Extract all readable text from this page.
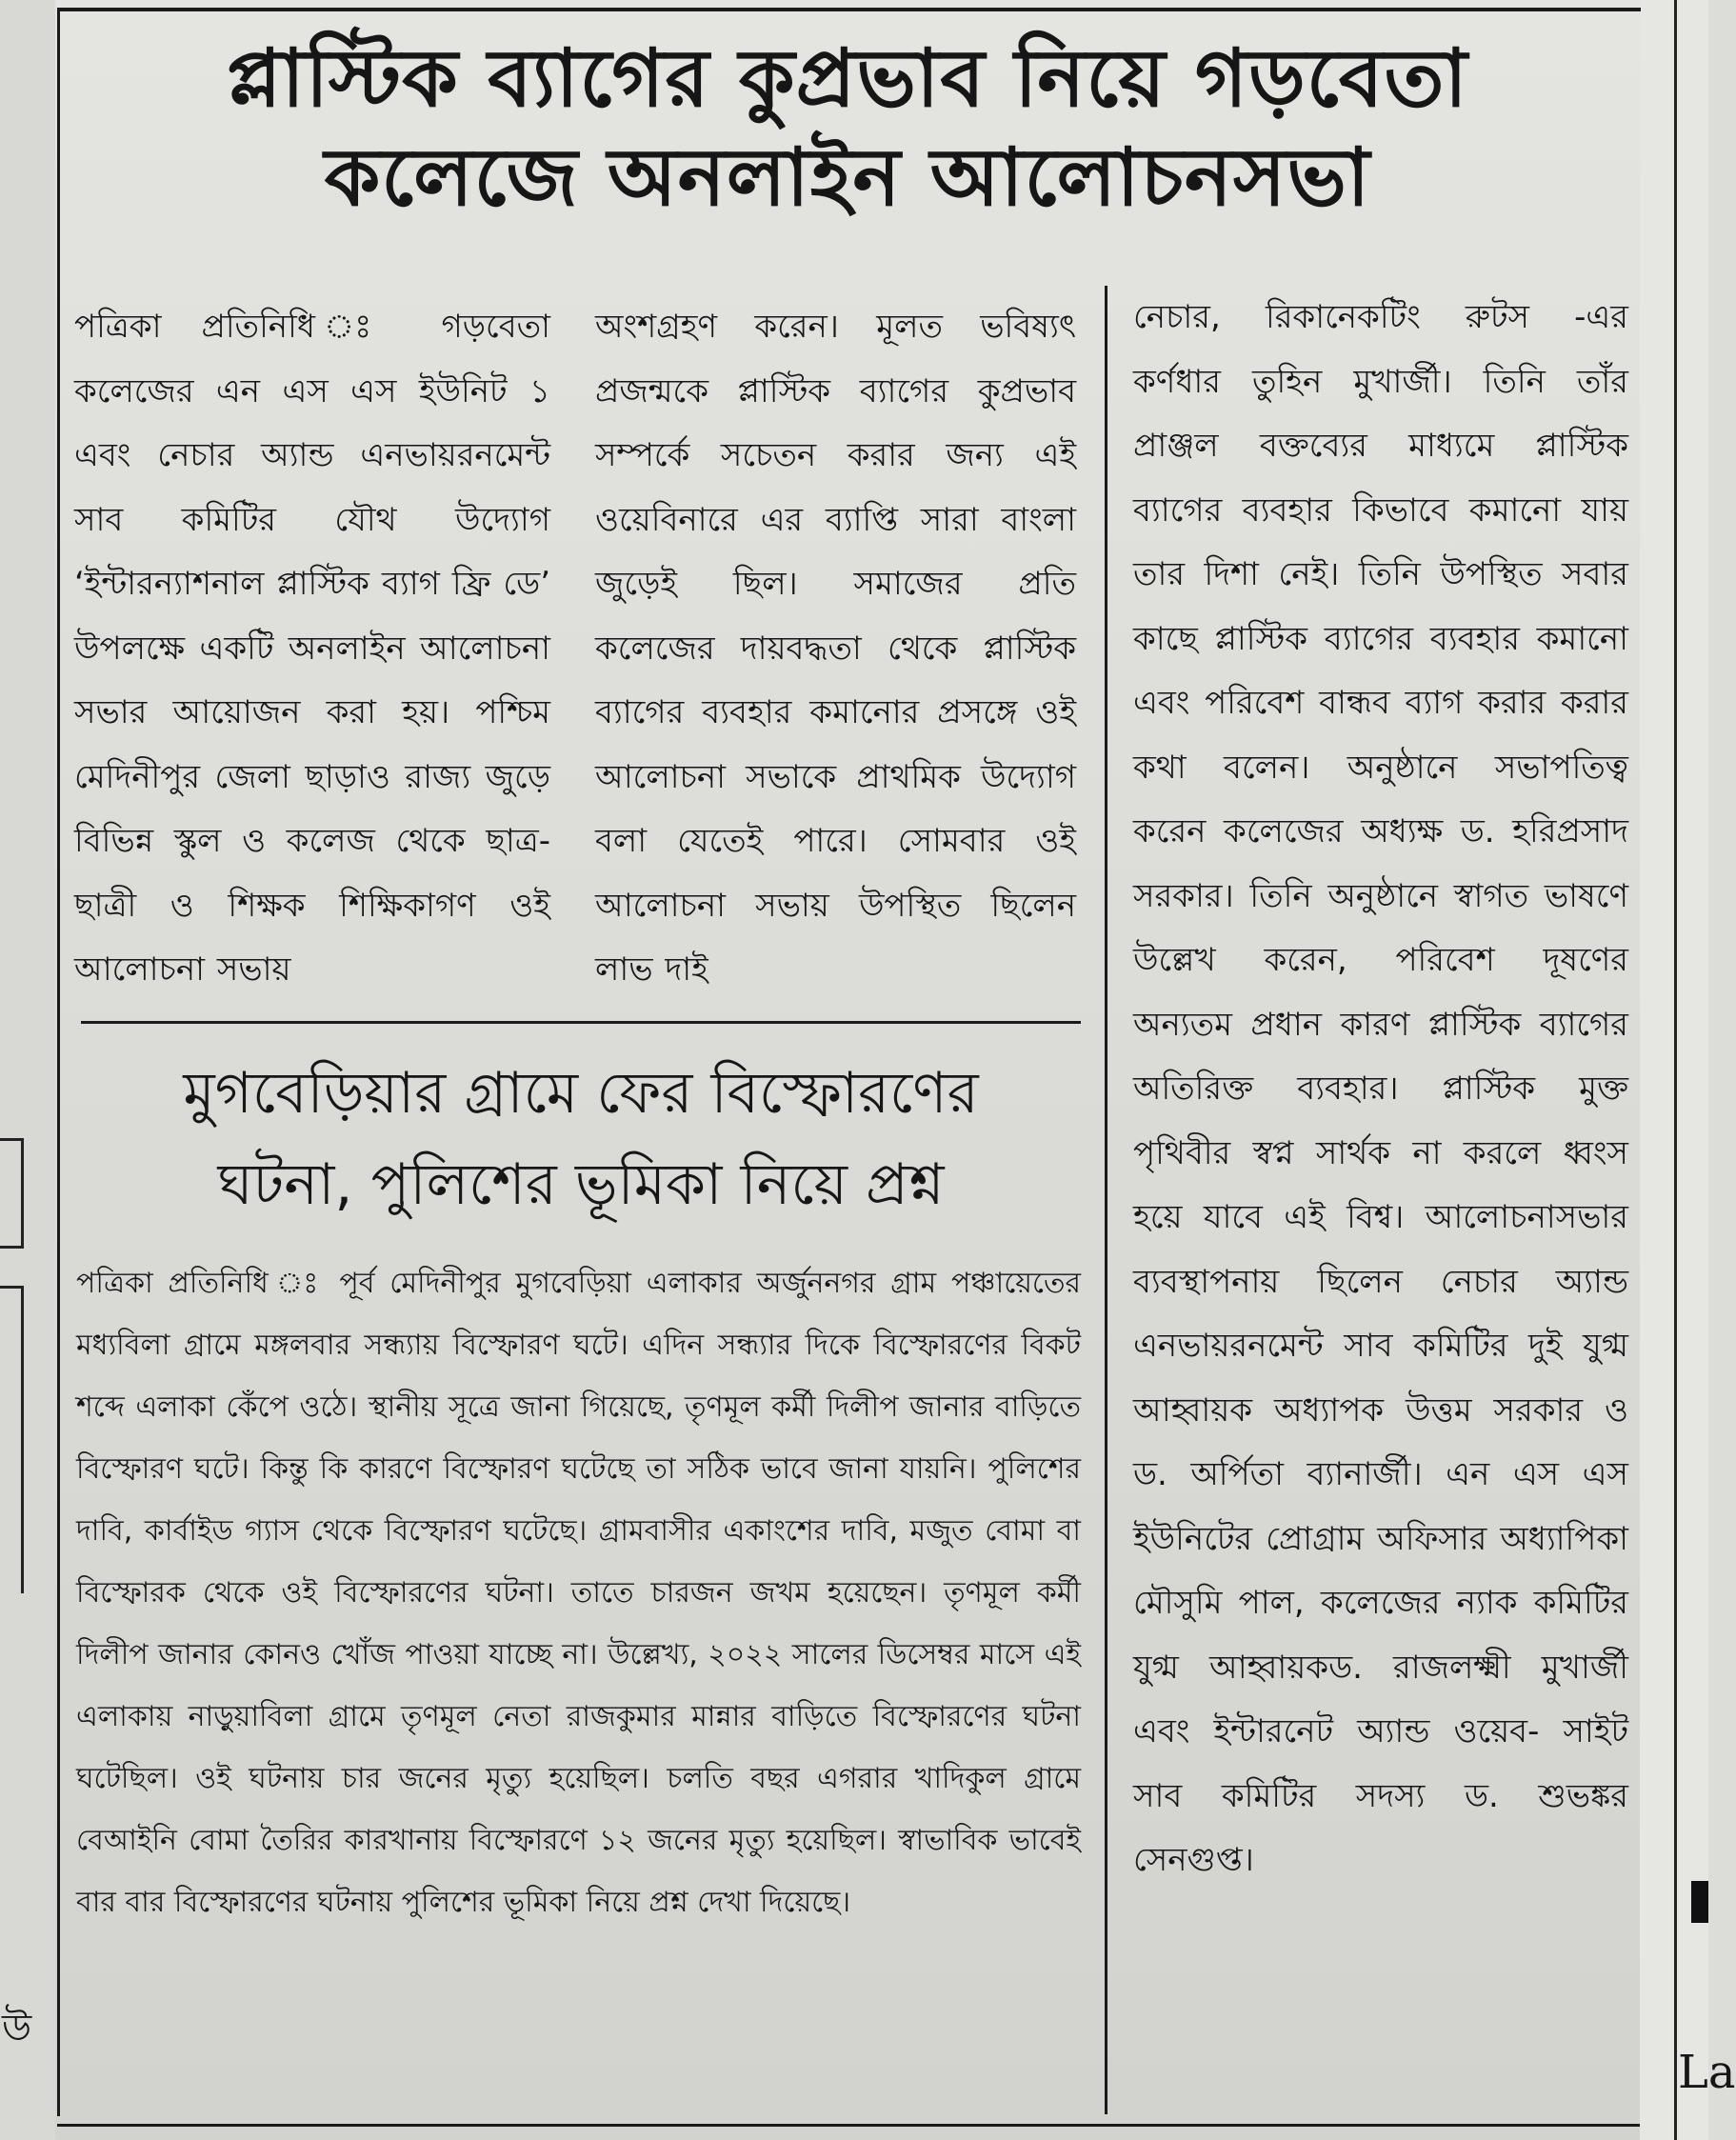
উ
La
প্লাস্টিক ব্যাগের কুপ্রভাব নিয়ে গড়বেতা
কলেজে অনলাইন আলোচনসভা
পত্রিকা প্রতিনিধি ঃ গড়বেতা কলেজের এন এস এস ইউনিট ১ এবং নেচার অ্যান্ড এনভায়রনমেন্ট সাব কমিটির যৌথ উদ্যোগ ‘ইন্টারন্যাশনাল প্লাস্টিক ব্যাগ ফ্রি ডে’ উপলক্ষে একটি অনলাইন আলোচনা সভার আয়োজন করা হয়। পশ্চিম মেদিনীপুর জেলা ছাড়াও রাজ্য জুড়ে বিভিন্ন স্কুল ও কলেজ থেকে ছাত্র-ছাত্রী ও শিক্ষক শিক্ষিকাগণ ওই আলোচনা সভায়
অংশগ্রহণ করেন। মূলত ভবিষ্যৎ প্রজন্মকে প্লাস্টিক ব্যাগের কুপ্রভাব সম্পর্কে সচেতন করার জন্য এই ওয়েবিনারে এর ব্যাপ্তি সারা বাংলা জুড়েই ছিল। সমাজের প্রতি কলেজের দায়বদ্ধতা থেকে প্লাস্টিক ব্যাগের ব্যবহার কমানোর প্রসঙ্গে ওই আলোচনা সভাকে প্রাথমিক উদ্যোগ বলা যেতেই পারে। সোমবার ওই আলোচনা সভায় উপস্থিত ছিলেন লাভ দাই
নেচার, রিকানেকটিং রুটস -এর কর্ণধার তুহিন মুখার্জী। তিনি তাঁর প্রাঞ্জল বক্তব্যের মাধ্যমে প্লাস্টিক ব্যাগের ব্যবহার কিভাবে কমানো যায় তার দিশা নেই। তিনি উপস্থিত সবার কাছে প্লাস্টিক ব্যাগের ব্যবহার কমানো এবং পরিবেশ বান্ধব ব্যাগ করার করার কথা বলেন। অনুষ্ঠানে সভাপতিত্ব করেন কলেজের অধ্যক্ষ ড. হরিপ্রসাদ সরকার। তিনি অনুষ্ঠানে স্বাগত ভাষণে উল্লেখ করেন, পরিবেশ দূষণের অন্যতম প্রধান কারণ প্লাস্টিক ব্যাগের অতিরিক্ত ব্যবহার। প্লাস্টিক মুক্ত পৃথিবীর স্বপ্ন সার্থক না করলে ধ্বংস হয়ে যাবে এই বিশ্ব। আলোচনাসভার ব্যবস্থাপনায় ছিলেন নেচার অ্যান্ড এনভায়রনমেন্ট সাব কমিটির দুই যুগ্ম আহ্বায়ক অধ্যাপক উত্তম সরকার ও ড. অর্পিতা ব্যানার্জী। এন এস এস ইউনিটের প্রোগ্রাম অফিসার অধ্যাপিকা মৌসুমি পাল, কলেজের ন্যাক কমিটির যুগ্ম আহ্বায়কড. রাজলক্ষ্মী মুখার্জী এবং ইন্টারনেট অ্যান্ড ওয়েব- সাইট সাব কমিটির সদস্য ড. শুভঙ্কর সেনগুপ্ত।
মুগবেড়িয়ার গ্রামে ফের বিস্ফোরণের
ঘটনা, পুলিশের ভূমিকা নিয়ে প্রশ্ন
পত্রিকা প্রতিনিধি ঃ পূর্ব মেদিনীপুর মুগবেড়িয়া এলাকার অর্জুননগর গ্রাম পঞ্চায়েতের মধ্যবিলা গ্রামে মঙ্গলবার সন্ধ্যায় বিস্ফোরণ ঘটে। এদিন সন্ধ্যার দিকে বিস্ফোরণের বিকট শব্দে এলাকা কেঁপে ওঠে। স্থানীয় সূত্রে জানা গিয়েছে, তৃণমূল কর্মী দিলীপ জানার বাড়িতে বিস্ফোরণ ঘটে। কিন্তু কি কারণে বিস্ফোরণ ঘটেছে তা সঠিক ভাবে জানা যায়নি। পুলিশের দাবি, কার্বাইড গ্যাস থেকে বিস্ফোরণ ঘটেছে। গ্রামবাসীর একাংশের দাবি, মজুত বোমা বা বিস্ফোরক থেকে ওই বিস্ফোরণের ঘটনা। তাতে চারজন জখম হয়েছেন। তৃণমূল কর্মী দিলীপ জানার কোনও খোঁজ পাওয়া যাচ্ছে না। উল্লেখ্য, ২০২২ সালের ডিসেম্বর মাসে এই এলাকায় নাড়ুয়াবিলা গ্রামে তৃণমূল নেতা রাজকুমার মান্নার বাড়িতে বিস্ফোরণের ঘটনা ঘটেছিল। ওই ঘটনায় চার জনের মৃত্যু হয়েছিল। চলতি বছর এগরার খাদিকুল গ্রামে বেআইনি বোমা তৈরির কারখানায় বিস্ফোরণে ১২ জনের মৃত্যু হয়েছিল। স্বাভাবিক ভাবেই বার বার বিস্ফোরণের ঘটনায় পুলিশের ভূমিকা নিয়ে প্রশ্ন দেখা দিয়েছে।
